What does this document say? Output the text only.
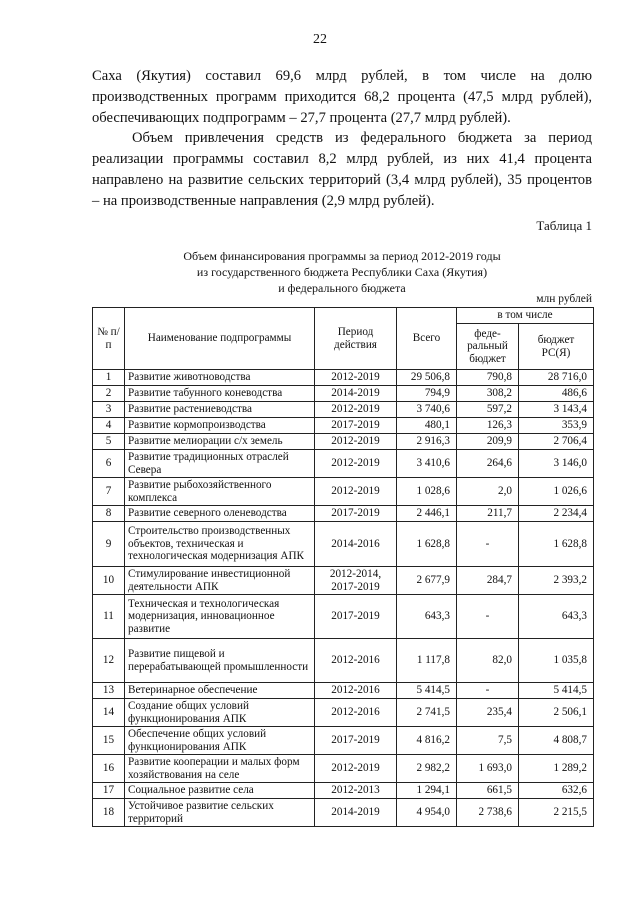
22

Саха (Якутия) составил 69,6 млрд рублей, в том числе на долю
производственных программ приходится 68,2 процента (47,5 млрд рублей),
обеспечивающих подпрограмм – 27,7 процента (27,7 млрд рублей).

Объем привлечения средств из федерального бюджета за период
реализации программы составил 8,2 млрд рублей, из них 41,4 процента
направлено на развитие сельских территорий (3,4 млрд рублей), 35 процентов
– на производственные направления (2,9 млрд рублей).

Таблица 1
Объем финансирования программы за период 2012-2019 годы
из государственного бюджета Республики Саха (Якутия)
и федерального бюджета
млн рублей
№ п/п	Наименование подпрограммы	Период действия	Всего	в том числе	
				феде-ральный бюджет	бюджет РС(Я)
1	Развитие животноводства	2012-2019	29 506,8	790,8	28 716,0
2	Развитие табунного коневодства	2014-2019	794,9	308,2	486,6
3	Развитие растениеводства	2012-2019	3 740,6	597,2	3 143,4
4	Развитие кормопроизводства	2017-2019	480,1	126,3	353,9
5	Развитие мелиорации с/х земель	2012-2019	2 916,3	209,9	2 706,4
6	Развитие традиционных отраслей Севера	2012-2019	3 410,6	264,6	3 146,0
7	Развитие рыбохозяйственного комплекса	2012-2019	1 028,6	2,0	1 026,6
8	Развитие северного оленеводства	2017-2019	2 446,1	211,7	2 234,4
9	Строительство производственных объектов, техническая и технологическая модернизация АПК	2014-2016	1 628,8	-	1 628,8
10	Стимулирование инвестиционной деятельности АПК	2012-2014, 2017-2019	2 677,9	284,7	2 393,2
11	Техническая и технологическая модернизация, инновационное развитие	2017-2019	643,3	-	643,3
12	Развитие пищевой и перерабатывающей промышленности	2012-2016	1 117,8	82,0	1 035,8
13	Ветеринарное обеспечение	2012-2016	5 414,5	-	5 414,5
14	Создание общих условий функционирования АПК	2012-2016	2 741,5	235,4	2 506,1
15	Обеспечение общих условий функционирования АПК	2017-2019	4 816,2	7,5	4 808,7
16	Развитие кооперации и малых форм хозяйствования на селе	2012-2019	2 982,2	1 693,0	1 289,2
17	Социальное развитие села	2012-2013	1 294,1	661,5	632,6
18	Устойчивое развитие сельских территорий	2014-2019	4 954,0	2 738,6	2 215,5
